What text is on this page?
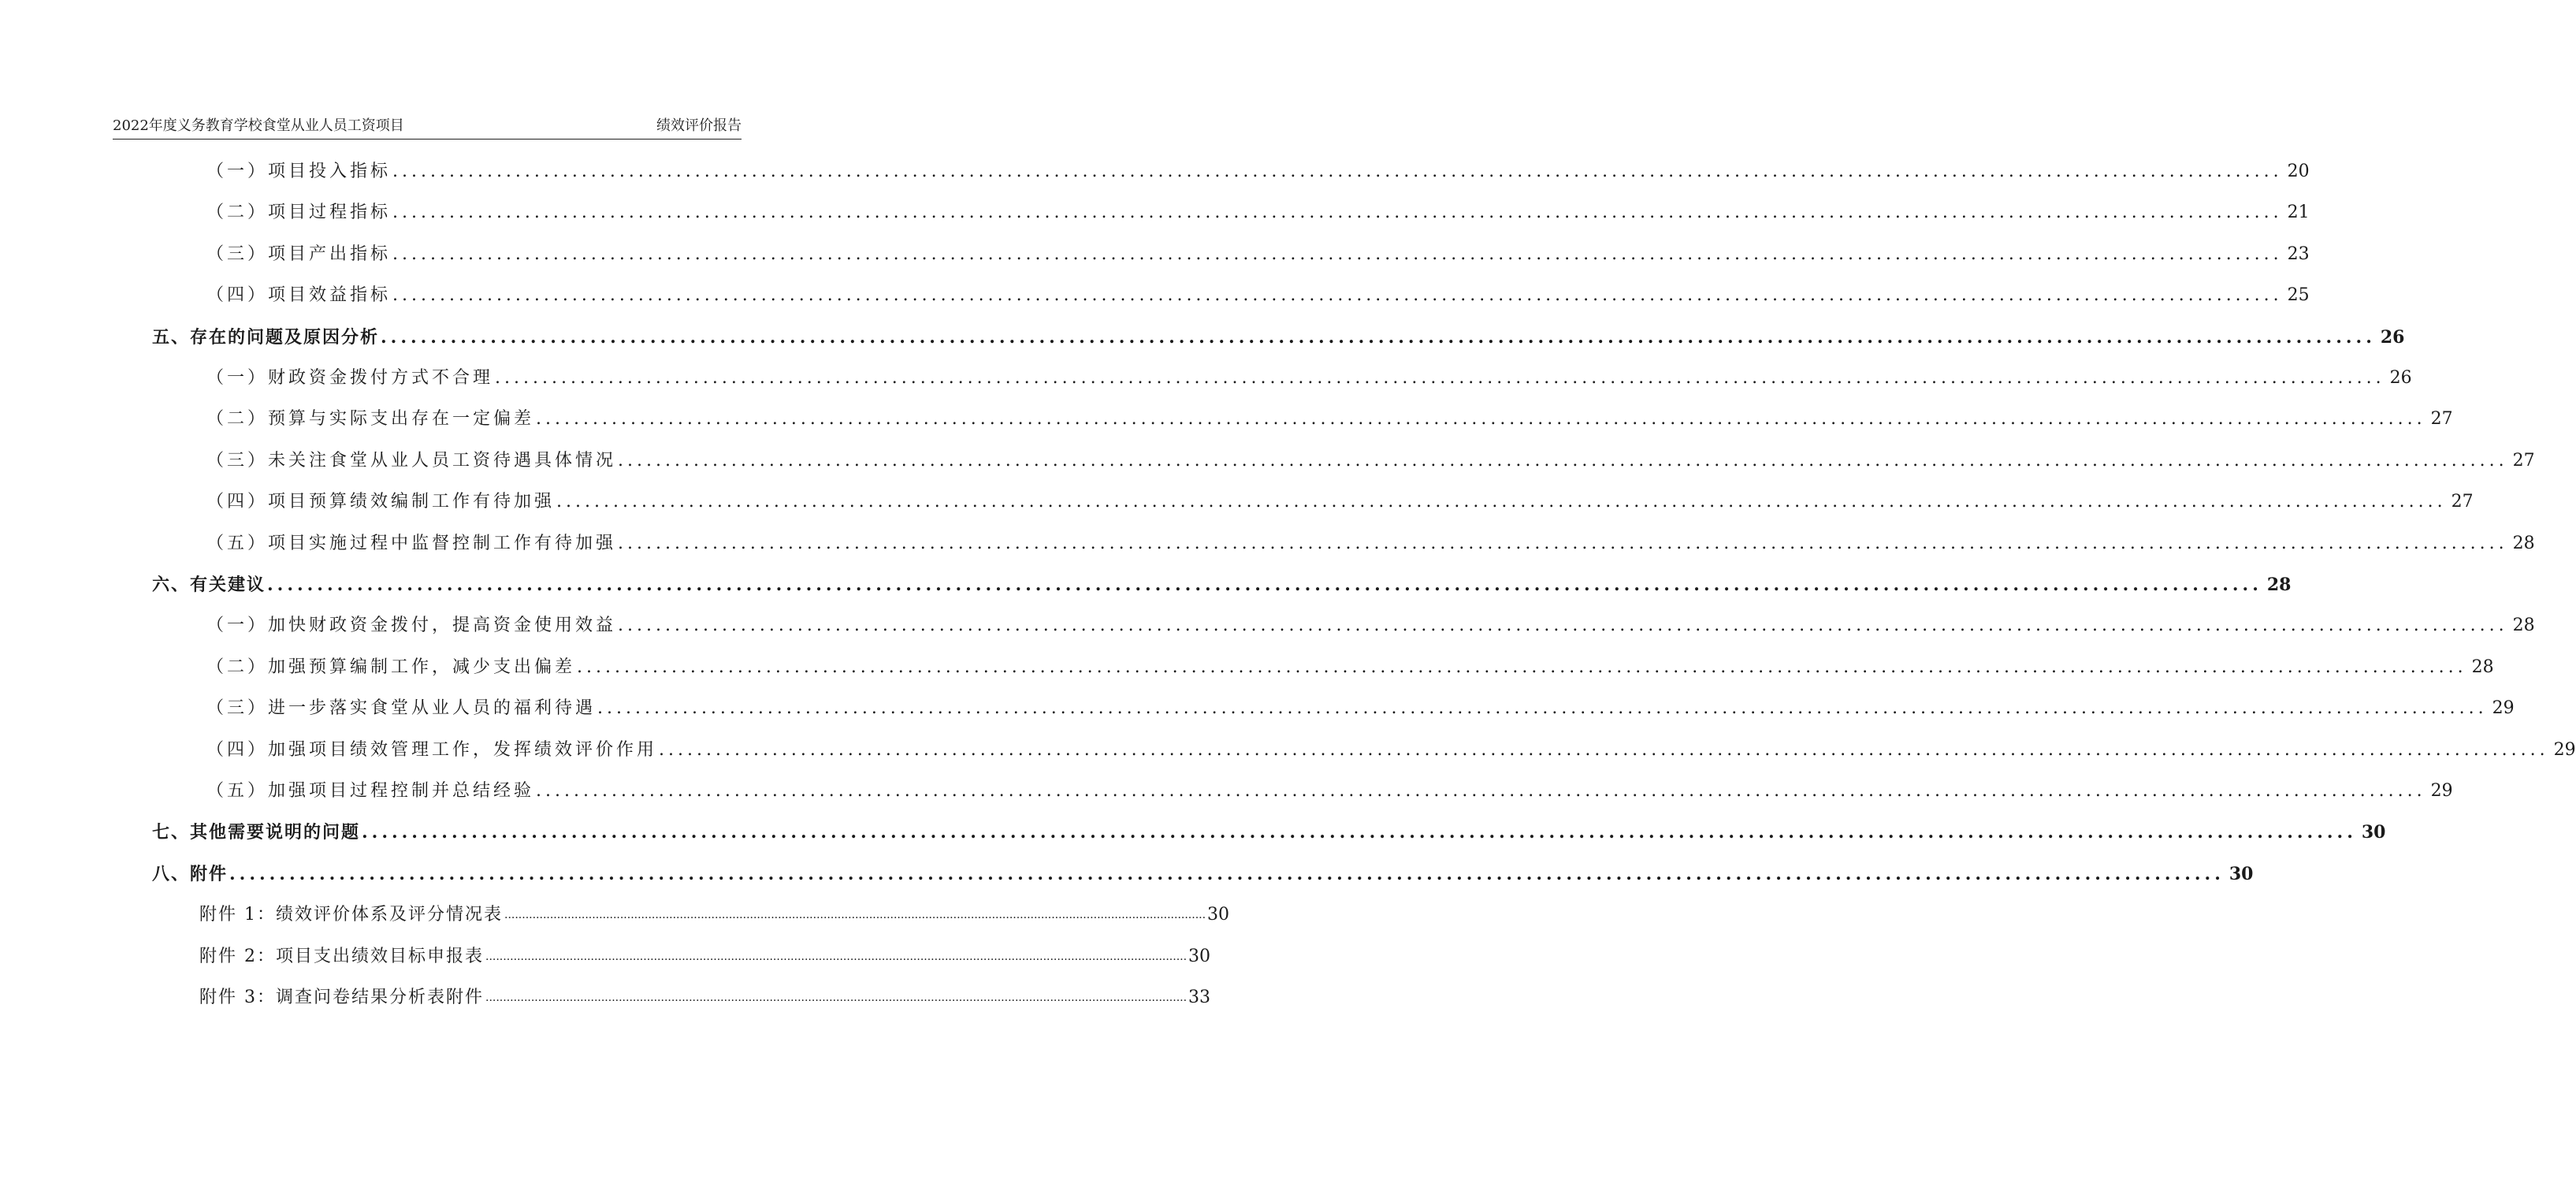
2022年度义务教育学校食堂从业人员工资项目	绩效评价报告
（一）项目投入指标 ........................................................................................................................................................................................................ 20
（二）项目过程指标 ........................................................................................................................................................................................................ 21
（三）项目产出指标 ........................................................................................................................................................................................................ 23
（四）项目效益指标 ........................................................................................................................................................................................................ 25
五、存在的问题及原因分析 ........................................................................................................................................................................................................ 26
（一）财政资金拨付方式不合理 ........................................................................................................................................................................................................ 26
（二）预算与实际支出存在一定偏差 ........................................................................................................................................................................................................ 27
（三）未关注食堂从业人员工资待遇具体情况 ........................................................................................................................................................................................................ 27
（四）项目预算绩效编制工作有待加强 ........................................................................................................................................................................................................ 27
（五）项目实施过程中监督控制工作有待加强 ........................................................................................................................................................................................................ 28
六、有关建议 ........................................................................................................................................................................................................ 28
（一）加快财政资金拨付，提高资金使用效益 ........................................................................................................................................................................................................ 28
（二）加强预算编制工作，减少支出偏差 ........................................................................................................................................................................................................ 28
（三）进一步落实食堂从业人员的福利待遇 ........................................................................................................................................................................................................ 29
（四）加强项目绩效管理工作，发挥绩效评价作用 ........................................................................................................................................................................................................ 29
（五）加强项目过程控制并总结经验 ........................................................................................................................................................................................................ 29
七、其他需要说明的问题 ........................................................................................................................................................................................................ 30
八、附件 ........................................................................................................................................................................................................ 30
附件 1：绩效评价体系及评分情况表 ........................................................................................................................................................................................................ 30
附件 2：项目支出绩效目标申报表 ........................................................................................................................................................................................................ 30
附件 3：调查问卷结果分析表附件 ........................................................................................................................................................................................................ 33
